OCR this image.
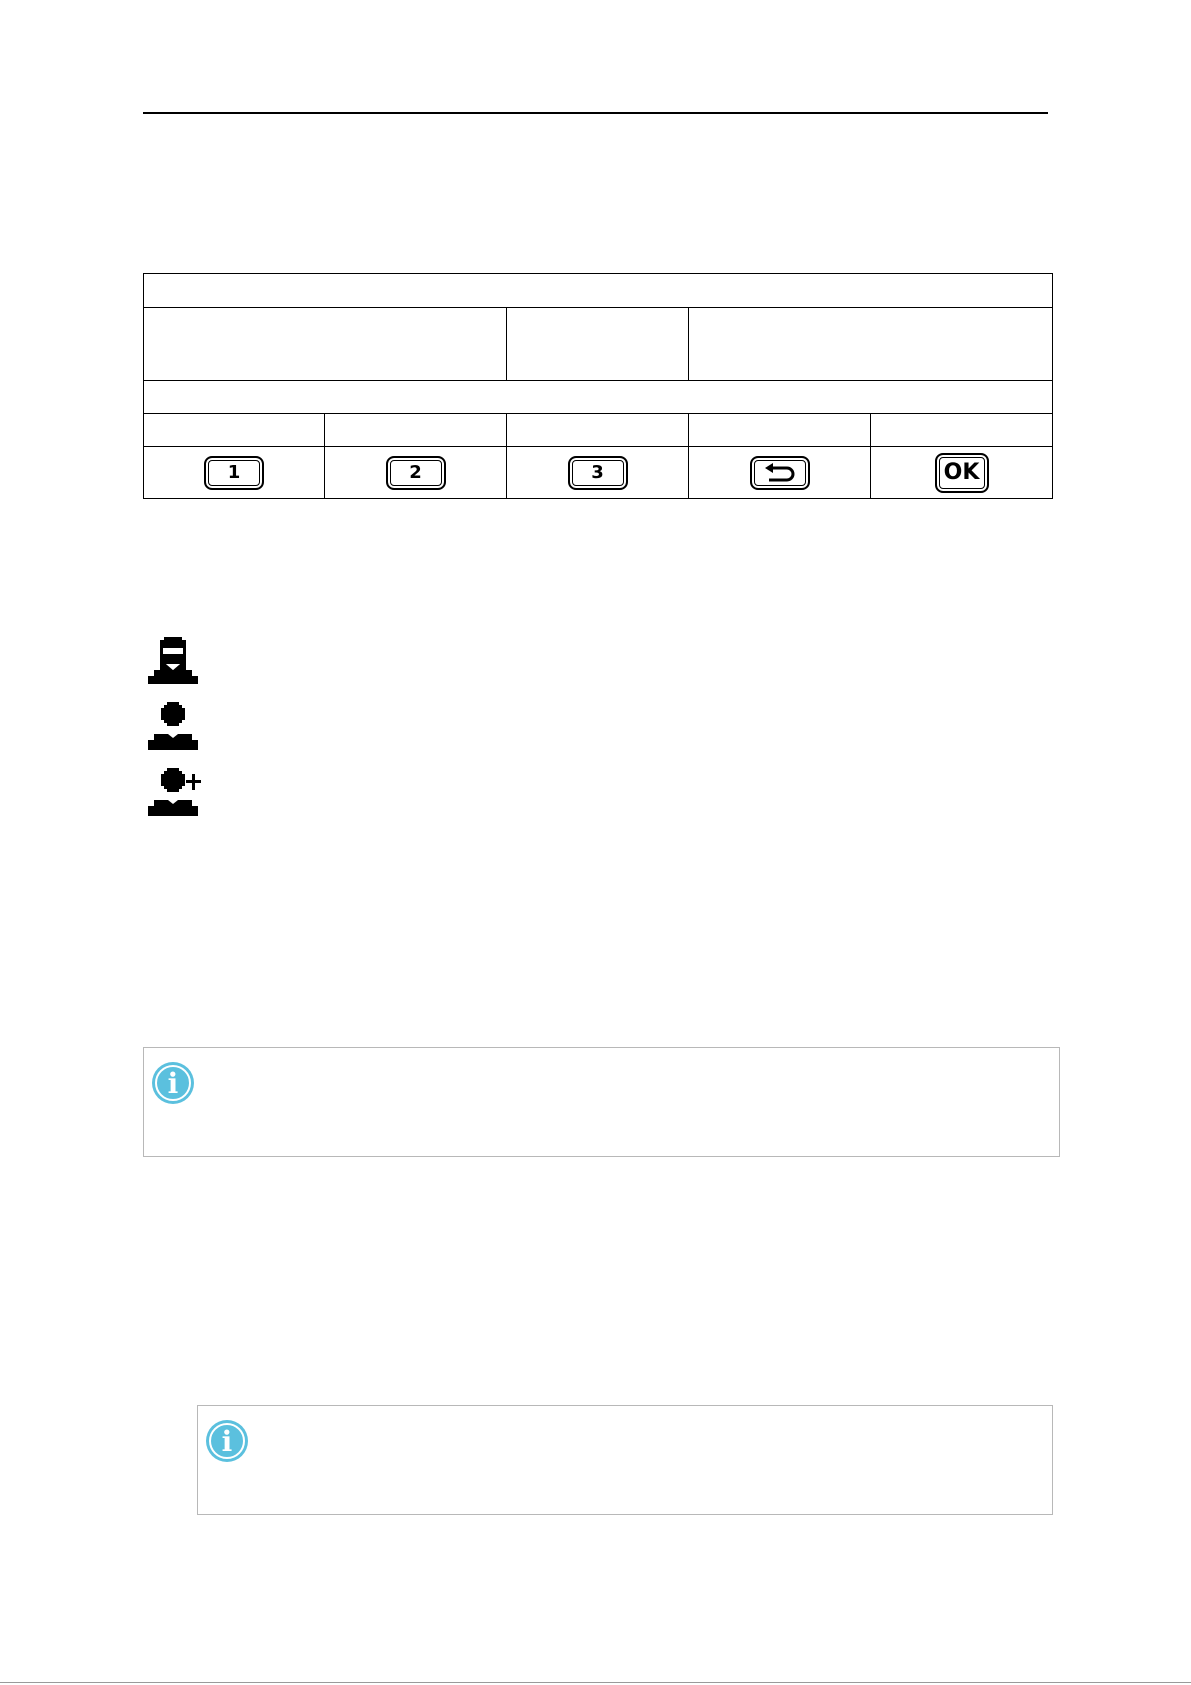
1	2	3		OK
i
i
